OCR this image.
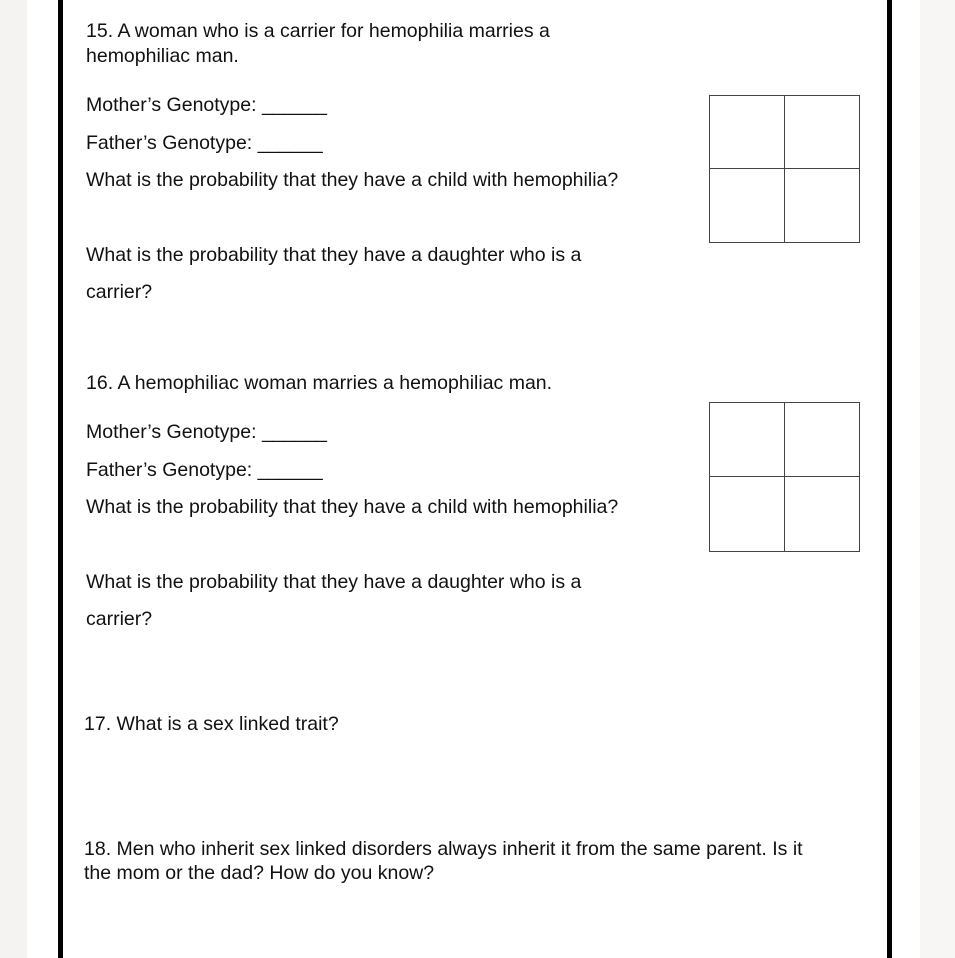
15. A woman who is a carrier for hemophilia marries a
hemophiliac man.
Mother’s Genotype: ______
Father’s Genotype: ______
What is the probability that they have a child with hemophilia?
What is the probability that they have a daughter who is a
carrier?
16. A hemophiliac woman marries a hemophiliac man.
Mother’s Genotype: ______
Father’s Genotype: ______
What is the probability that they have a child with hemophilia?
What is the probability that they have a daughter who is a
carrier?
17. What is a sex linked trait?
18. Men who inherit sex linked disorders always inherit it from the same parent. Is it
the mom or the dad? How do you know?
